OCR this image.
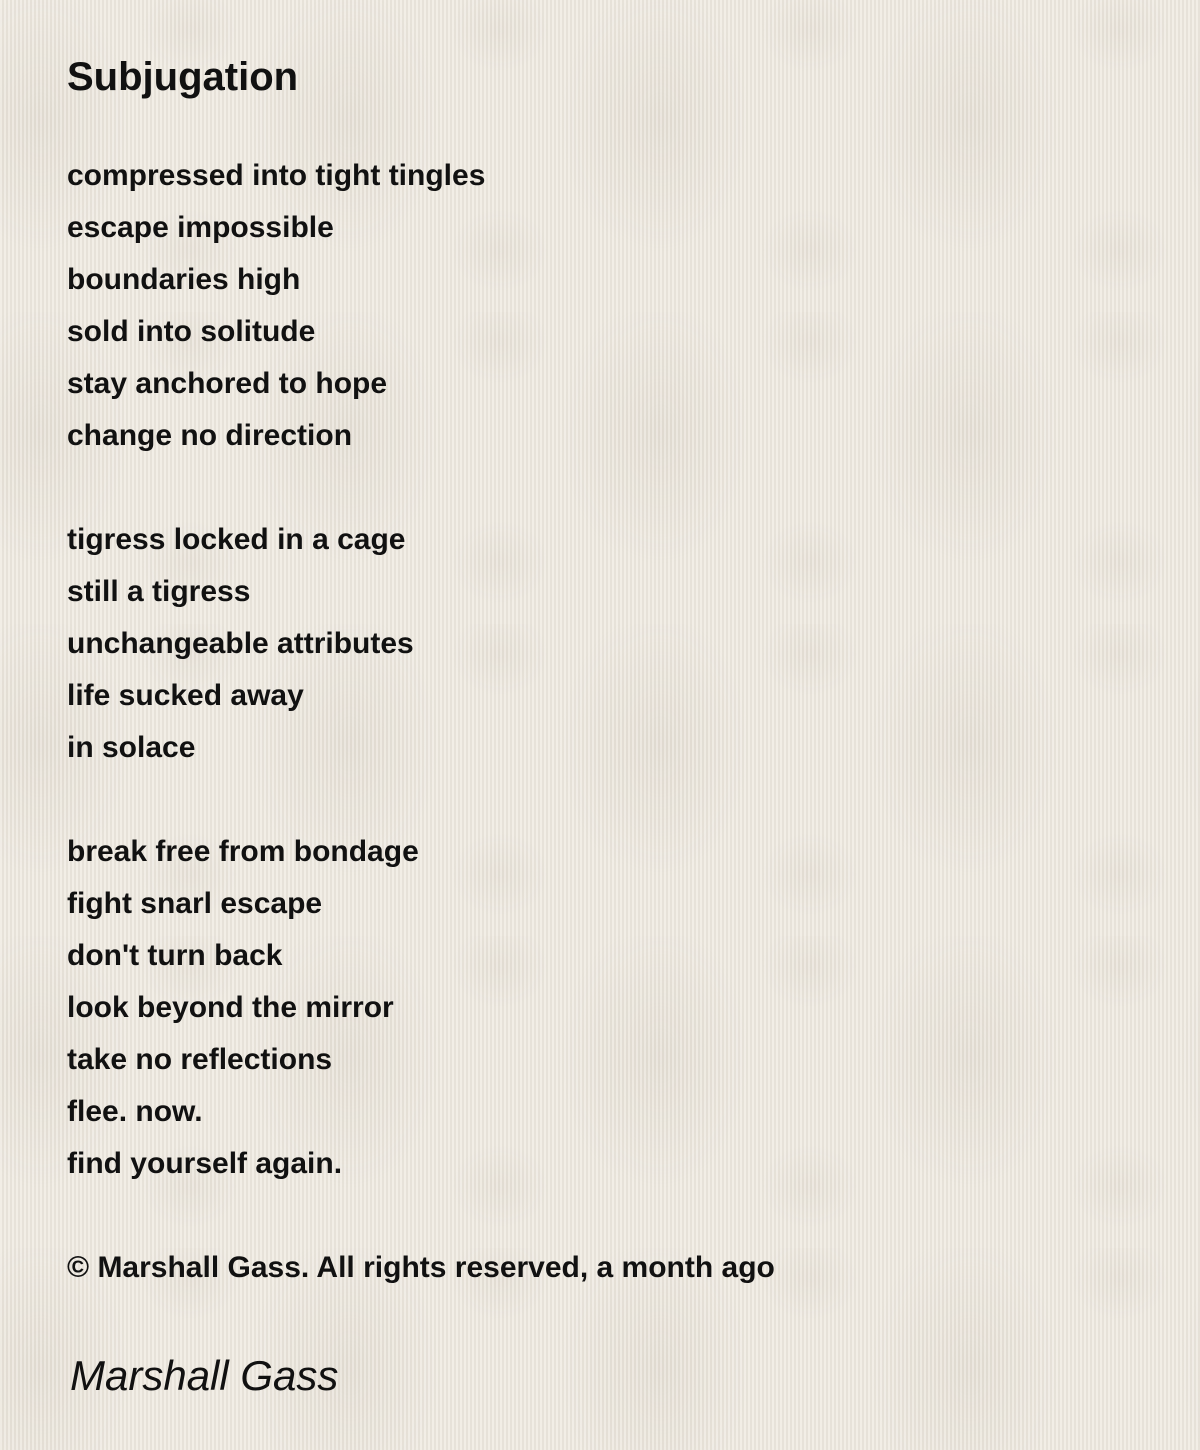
Subjugation
compressed into tight tingles
escape impossible
boundaries high
sold into solitude
stay anchored to hope
change no direction
tigress locked in a cage
still a tigress
unchangeable attributes
life sucked away
in solace
break free from bondage
fight snarl escape
don't turn back
look beyond the mirror
take no reflections
flee. now.
find yourself again.
© Marshall Gass. All rights reserved, a month ago
Marshall Gass
